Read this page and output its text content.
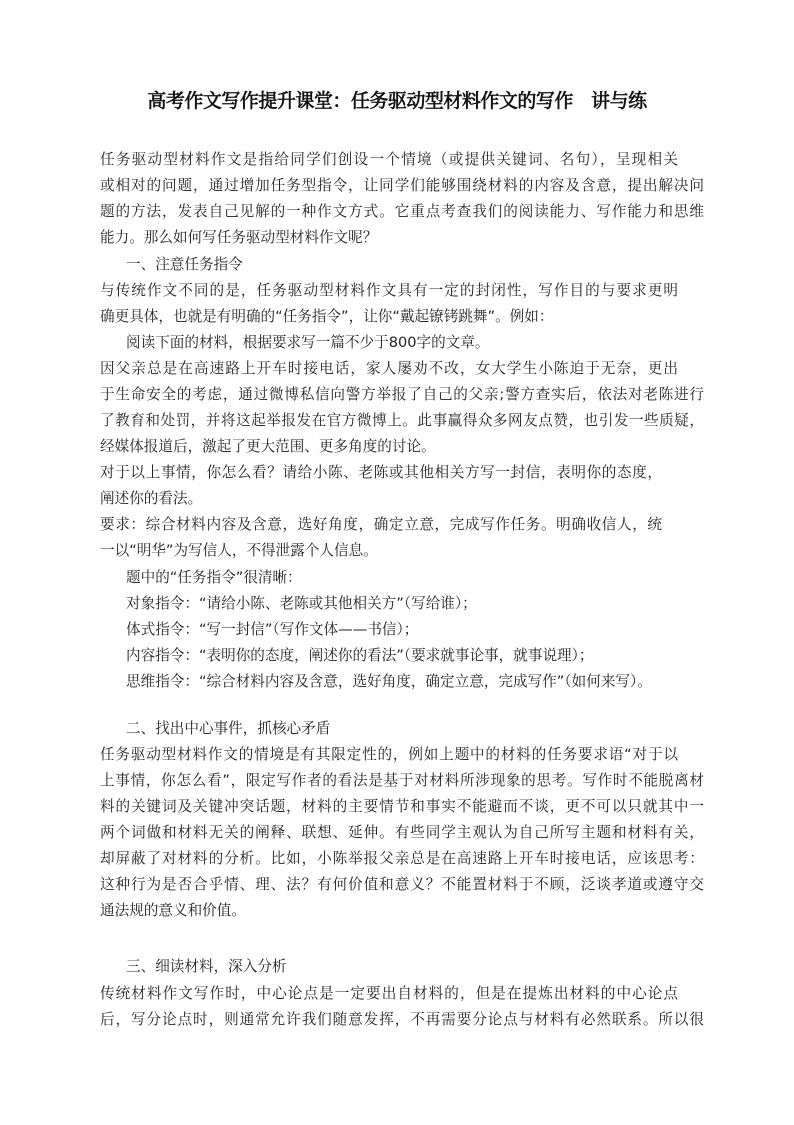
高考作文写作提升课堂：任务驱动型材料作文的写作   讲与练
任务驱动型材料作文是指给同学们创设一个情境（或提供关键词、名句），呈现相关
或相对的问题，通过增加任务型指令，让同学们能够围绕材料的内容及含意，提出解决问
题的方法，发表自己见解的一种作文方式。它重点考查我们的阅读能力、写作能力和思维
能力。那么如何写任务驱动型材料作文呢？
一、注意任务指令
与传统作文不同的是，任务驱动型材料作文具有一定的封闭性，写作目的与要求更明
确更具体，也就是有明确的“任务指令”，让你“戴起镣铐跳舞”。例如：
阅读下面的材料，根据要求写一篇不少于800字的文章。
因父亲总是在高速路上开车时接电话，家人屡劝不改，女大学生小陈迫于无奈，更出
于生命安全的考虑，通过微博私信向警方举报了自己的父亲;警方查实后，依法对老陈进行
了教育和处罚，并将这起举报发在官方微博上。此事赢得众多网友点赞，也引发一些质疑，
经媒体报道后，激起了更大范围、更多角度的讨论。
对于以上事情，你怎么看？请给小陈、老陈或其他相关方写一封信，表明你的态度，
阐述你的看法。
要求：综合材料内容及含意，选好角度，确定立意，完成写作任务。明确收信人，统
一以“明华”为写信人，不得泄露个人信息。
题中的“任务指令”很清晰：
对象指令：“请给小陈、老陈或其他相关方”（写给谁）；
体式指令：“写一封信”（写作文体——书信）；
内容指令：“表明你的态度，阐述你的看法”（要求就事论事，就事说理）；
思维指令：“综合材料内容及含意，选好角度，确定立意，完成写作”（如何来写）。
二、找出中心事件，抓核心矛盾
任务驱动型材料作文的情境是有其限定性的，例如上题中的材料的任务要求语“对于以
上事情，你怎么看”，限定写作者的看法是基于对材料所涉现象的思考。写作时不能脱离材
料的关键词及关键冲突话题，材料的主要情节和事实不能避而不谈，更不可以只就其中一
两个词做和材料无关的阐释、联想、延伸。有些同学主观认为自己所写主题和材料有关，
却屏蔽了对材料的分析。比如，小陈举报父亲总是在高速路上开车时接电话，应该思考：
这种行为是否合乎情、理、法？有何价值和意义？不能置材料于不顾，泛谈孝道或遵守交
通法规的意义和价值。
三、细读材料，深入分析
传统材料作文写作时，中心论点是一定要出自材料的，但是在提炼出材料的中心论点
后，写分论点时，则通常允许我们随意发挥，不再需要分论点与材料有必然联系。所以很
